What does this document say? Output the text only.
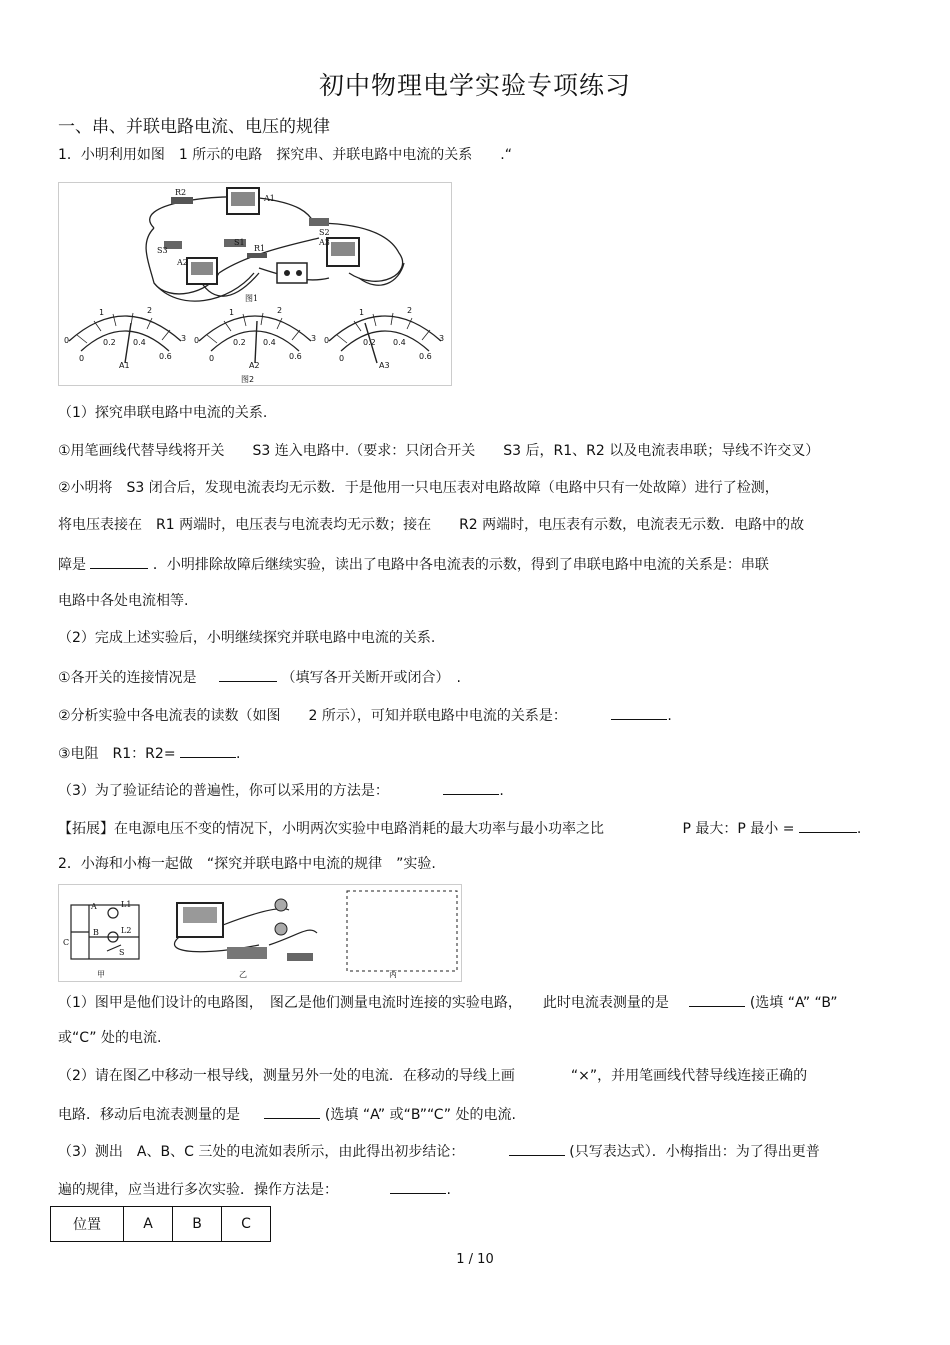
初中物理电学实验专项练习
一、串、并联电路电流、电压的规律
1．小明利用如图　1 所示的电路　探究串、并联电路中电流的关系　　.“
R2
A1
S3
S1
R1
S2
A2
A3
图1
0
1	2
3
0
0.2 0.4
0.6
A1
0
1	2
3
0
0.2 0.4
0.6
A2
0
1	2
3
0
0.2 0.4
0.6
A3
图2
（1）探究串联电路中电流的关系.
①用笔画线代替导线将开关　　S3 连入电路中.（要求：只闭合开关　　S3 后，R1、R2 以及电流表串联；导线不许交叉）
②小明将　S3 闭合后，发现电流表均无示数．于是他用一只电压表对电路故障（电路中只有一处故障）进行了检测，
将电压表接在　R1 两端时，电压表与电流表均无示数；接在　　R2 两端时，电压表有示数，电流表无示数．电路中的故
障是	．小明排除故障后继续实验，读出了电路中各电流表的示数，得到了串联电路中电流的关系是：串联
电路中各处电流相等.
（2）完成上述实验后，小明继续探究并联电路中电流的关系.
①各开关的连接情况是	（填写各开关断开或闭合）　.
②分析实验中各电流表的读数（如图　　2 所示），可知并联电路中电流的关系是：	.
③电阻　R1：R2=	.
（3）为了验证结论的普遍性，你可以采用的方法是：	.
【拓展】在电源电压不变的情况下，小明两次实验中电路消耗的最大功率与最小功率之比	P 最大：P 最小 =	.
2．小海和小梅一起做　“探究并联电路中电流的规律　”实验.
A	L1
B	L2
C
S
甲	乙	丙
（1）图甲是他们设计的电路图，　图乙是他们测量电流时连接的实验电路，　　此时电流表测量的是	(选填 “A” “B”
或“C” 处的电流.
（2）请在图乙中移动一根导线，测量另外一处的电流．在移动的导线上画　　　　“×”，并用笔画线代替导线连接正确的
电路．移动后电流表测量的是	(选填 “A” 或“B”“C” 处的电流.
（3）测出　A、B、C 三处的电流如表所示，由此得出初步结论：	(只写表达式）．小梅指出：为了得出更普
遍的规律，应当进行多次实验．操作方法是：	.
位置	A	B	C
1 / 10
